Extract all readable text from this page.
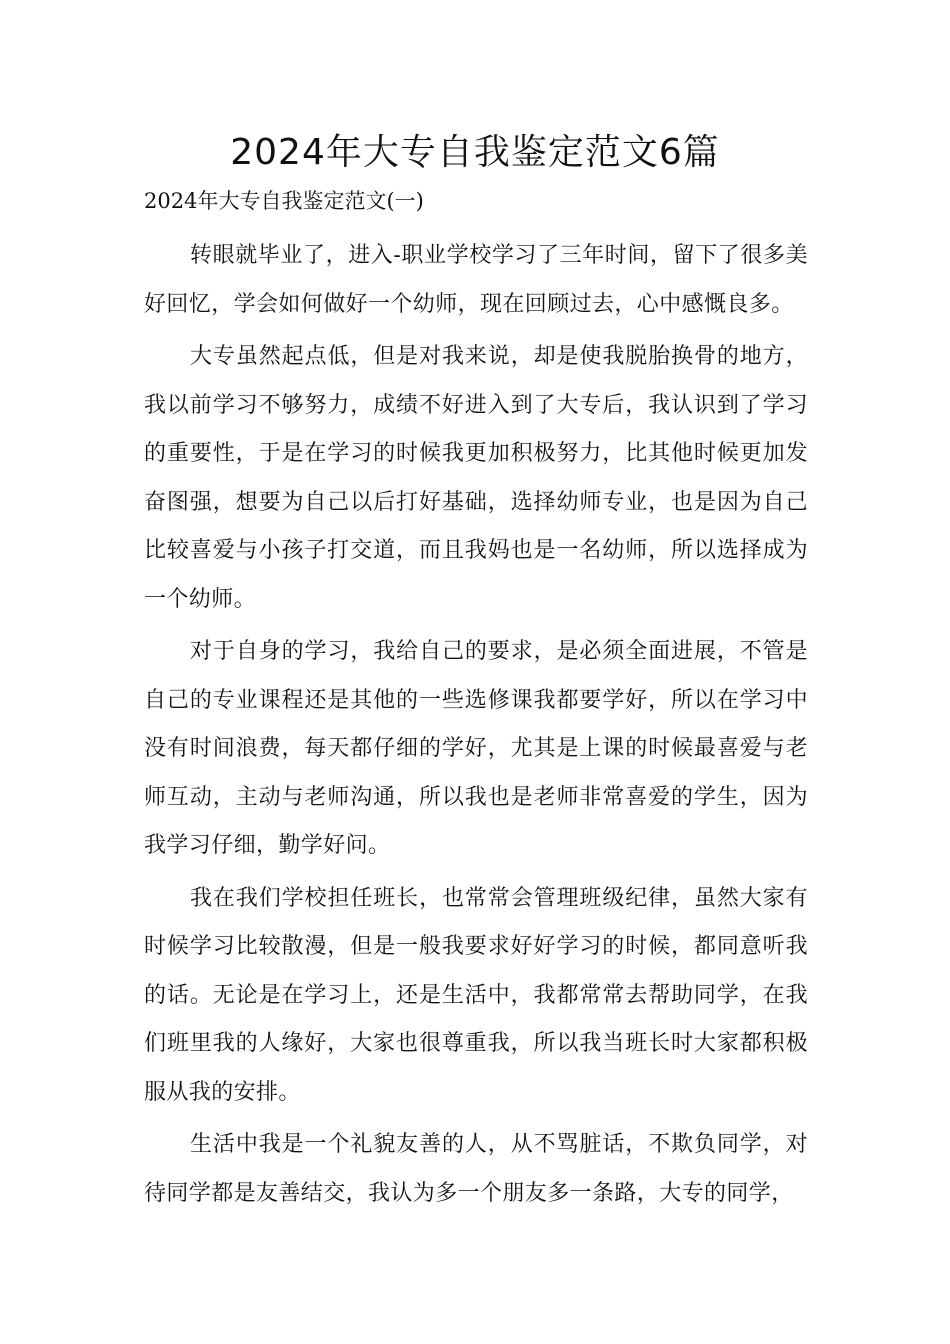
2024年大专自我鉴定范文6篇

2024年大专自我鉴定范文(一)

转眼就毕业了，进入-职业学校学习了三年时间，留下了很多美好回忆，学会如何做好一个幼师，现在回顾过去，心中感慨良多。

大专虽然起点低，但是对我来说，却是使我脱胎换骨的地方，我以前学习不够努力，成绩不好进入到了大专后，我认识到了学习的重要性，于是在学习的时候我更加积极努力，比其他时候更加发奋图强，想要为自己以后打好基础，选择幼师专业，也是因为自己比较喜爱与小孩子打交道，而且我妈也是一名幼师，所以选择成为一个幼师。

对于自身的学习，我给自己的要求，是必须全面进展，不管是自己的专业课程还是其他的一些选修课我都要学好，所以在学习中没有时间浪费，每天都仔细的学好，尤其是上课的时候最喜爱与老师互动，主动与老师沟通，所以我也是老师非常喜爱的学生，因为我学习仔细，勤学好问。

我在我们学校担任班长，也常常会管理班级纪律，虽然大家有时候学习比较散漫，但是一般我要求好好学习的时候，都同意听我的话。无论是在学习上，还是生活中，我都常常去帮助同学，在我们班里我的人缘好，大家也很尊重我，所以我当班长时大家都积极服从我的安排。

生活中我是一个礼貌友善的人，从不骂脏话，不欺负同学，对待同学都是友善结交，我认为多一个朋友多一条路，大专的同学，
